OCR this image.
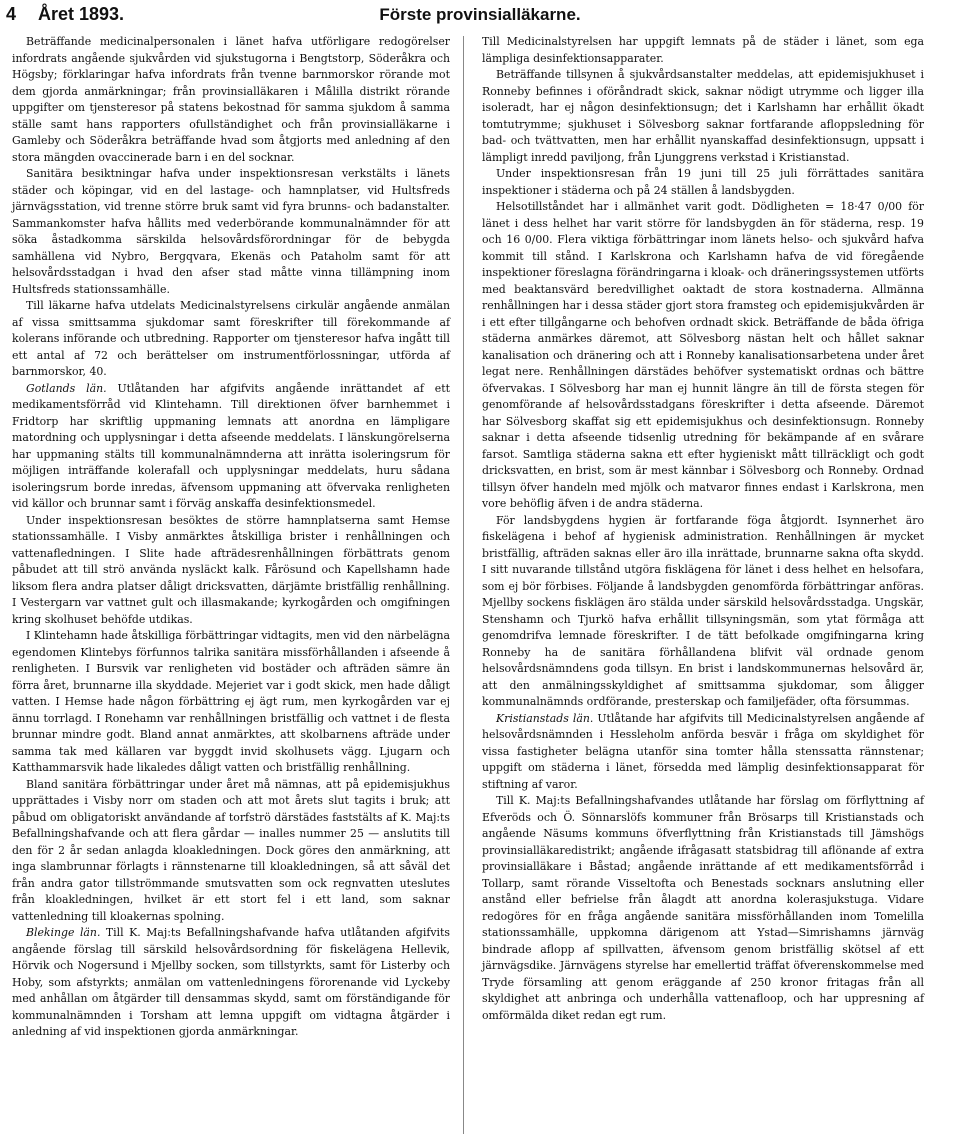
4 Året 1893.	Förste provinsialläkarne.

Beträffande medicinalpersonalen i länet hafva utförligare redogörelser infordrats angående sjukvården vid sjukstugorna i Bengtstorp, Söderåkra och Högsby; förklaringar hafva infordrats från tvenne barnmorskor rörande mot dem gjorda anmärkningar; från provinsialläkaren i Målilla distrikt rörande uppgifter om tjensteresor på statens bekostnad för samma sjukdom å samma ställe samt hans rapporters ofullständighet och från provinsialläkarne i Gamleby och Söderåkra beträffande hvad som åtgjorts med anledning af den stora mängden ovaccinerade barn i en del socknar.

Sanitära besiktningar hafva under inspektionsresan verkstälts i länets städer och köpingar, vid en del lastage- och hamnplatser, vid Hultsfreds järnvägsstation, vid trenne större bruk samt vid fyra brunns- och badanstalter. Sammankomster hafva hållits med vederbörande kommunalnämnder för att söka åstadkomma särskilda helsovårdsförordningar för de bebygda samhällena vid Nybro, Bergqvara, Ekenäs och Pataholm samt för att helsovårdsstadgan i hvad den afser stad måtte vinna tillämpning inom Hultsfreds stationssamhälle.

Till läkarne hafva utdelats Medicinalstyrelsens cirkulär angående anmälan af vissa smittsamma sjukdomar samt föreskrifter till förekommande af kolerans införande och utbredning. Rapporter om tjensteresor hafva ingått till ett antal af 72 och berättelser om instrumentförlossningar, utförda af barnmorskor, 40.

Gotlands län. Utlåtanden har afgifvits angående inrättandet af ett medikamentsförråd vid Klintehamn. Till direktionen öfver barnhemmet i Fridtorp har skriftlig uppmaning lemnats att anordna en lämpligare matordning och upplysningar i detta afseende meddelats. I länskungörelserna har uppmaning stälts till kommunalnämnderna att inrätta isoleringsrum för möjligen inträffande kolerafall och upplysningar meddelats, huru sådana isoleringsrum borde inredas, äfvensom uppmaning att öfvervaka renligheten vid källor och brunnar samt i förväg anskaffa desinfektionsmedel.

Under inspektionsresan besöktes de större hamnplatserna samt Hemse stationssamhälle. I Visby anmärktes åtskilliga brister i renhållningen och vattenafledningen. I Slite hade afträdesrenhållningen förbättrats genom påbudet att till strö använda nysläckt kalk. Fårösund och Kapellshamn hade liksom flera andra platser dåligt dricksvatten, därjämte bristfällig renhållning. I Vestergarn var vattnet gult och illasmakande; kyrkogården och omgifningen kring skolhuset behöfde utdikas.

I Klintehamn hade åtskilliga förbättringar vidtagits, men vid den närbelägna egendomen Klintebys förfunnos talrika sanitära missförhållanden i afseende å renligheten. I Bursvik var renligheten vid bostäder och afträden sämre än förra året, brunnarne illa skyddade. Mejeriet var i godt skick, men hade dåligt vatten. I Hemse hade någon förbättring ej ägt rum, men kyrkogården var ej ännu torrlagd. I Ronehamn var renhållningen bristfällig och vattnet i de flesta brunnar mindre godt. Bland annat anmärktes, att skolbarnens afträde under samma tak med källaren var byggdt invid skolhusets vägg. Ljugarn och Katthammarsvik hade likaledes dåligt vatten och bristfällig renhållning.

Bland sanitära förbättringar under året må nämnas, att på epidemisjukhus upprättades i Visby norr om staden och att mot årets slut tagits i bruk; att påbud om obligatoriskt användande af torfströ därstädes faststälts af K. Maj:ts Befallningshafvande och att flera gårdar — inalles nummer 25 — anslutits till den för 2 år sedan anlagda kloakledningen. Dock göres den anmärkning, att inga slambrunnar förlagts i rännstenarne till kloakledningen, så att såväl det från andra gator tillströmmande smutsvatten som ock regnvatten uteslutes från kloakledningen, hvilket är ett stort fel i ett land, som saknar vattenledning till kloakernas spolning.

Blekinge län. Till K. Maj:ts Befallningshafvande hafva utlåtanden afgifvits angående förslag till särskild helsovårdsordning för fiskelägena Hellevik, Hörvik och Nogersund i Mjellby socken, som tillstyrkts, samt för Listerby och Hoby, som afstyrkts; anmälan om vattenledningens förorenande vid Lyckeby med anhållan om åtgärder till densammas skydd, samt om förständigande för kommunalnämnden i Torsham att lemna uppgift om vidtagna åtgärder i anledning af vid inspektionen gjorda anmärkningar.

Till Medicinalstyrelsen har uppgift lemnats på de städer i länet, som ega lämpliga desinfektionsapparater.

Beträffande tillsynen å sjukvårdsanstalter meddelas, att epidemisjukhuset i Ronneby befinnes i oföråndradt skick, saknar nödigt utrymme och ligger illa isoleradt, har ej någon desinfektionsugn; det i Karlshamn har erhållit ökadt tomtutrymme; sjukhuset i Sölvesborg saknar fortfarande afloppsledning för bad- och tvättvatten, men har erhållit nyanskaffad desinfektionsugn, uppsatt i lämpligt inredd paviljong, från Ljunggrens verkstad i Kristianstad.

Under inspektionsresan från 19 juni till 25 juli förrättades sanitära inspektioner i städerna och på 24 ställen å landsbygden.

Helsotillståndet har i allmänhet varit godt. Dödligheten = 18·47 0/00 för länet i dess helhet har varit större för landsbygden än för städerna, resp. 19 och 16 0/00. Flera viktiga förbättringar inom länets helso- och sjukvård hafva kommit till stånd. I Karlskrona och Karlshamn hafva de vid föregående inspektioner föreslagna förändringarna i kloak- och dräneringssystemen utförts med beaktansvärd beredvillighet oaktadt de stora kostnaderna. Allmänna renhållningen har i dessa städer gjort stora framsteg och epidemisjukvården är i ett efter tillgångarne och behofven ordnadt skick. Beträffande de båda öfriga städerna anmärkes däremot, att Sölvesborg nästan helt och hållet saknar kanalisation och dränering och att i Ronneby kanalisationsarbetena under året legat nere. Renhållningen därstädes behöfver systematiskt ordnas och bättre öfvervakas. I Sölvesborg har man ej hunnit längre än till de första stegen för genomförande af helsovårdsstadgans föreskrifter i detta afseende. Däremot har Sölvesborg skaffat sig ett epidemisjukhus och desinfektionsugn. Ronneby saknar i detta afseende tidsenlig utredning för bekämpande af en svårare farsot. Samtliga städerna sakna ett efter hygieniskt mått tillräckligt och godt dricksvatten, en brist, som är mest kännbar i Sölvesborg och Ronneby. Ordnad tillsyn öfver handeln med mjölk och matvaror finnes endast i Karlskrona, men vore behöflig äfven i de andra städerna.

För landsbygdens hygien är fortfarande föga åtgjordt. Isynnerhet äro fiskelägena i behof af hygienisk administration. Renhållningen är mycket bristfällig, afträden saknas eller äro illa inrättade, brunnarne sakna ofta skydd. I sitt nuvarande tillstånd utgöra fisklägena för länet i dess helhet en helsofara, som ej bör förbises. Följande å landsbygden genomförda förbättringar anföras. Mjellby sockens fisklägen äro stälda under särskild helsovårdsstadga. Ungskär, Stenshamn och Tjurkö hafva erhållit tillsyningsmän, som ytat förmåga att genomdrifva lemnade föreskrifter. I de tätt befolkade omgifningarna kring Ronneby ha de sanitära förhållandena blifvit väl ordnade genom helsovårdsnämndens goda tillsyn. En brist i landskommunernas helsovård är, att den anmälningsskyldighet af smittsamma sjukdomar, som åligger kommunalnämnds ordförande, presterskap och familjefäder, ofta försummas.

Kristianstads län. Utlåtande har afgifvits till Medicinalstyrelsen angående af helsovårdsnämnden i Hessleholm anförda besvär i fråga om skyldighet för vissa fastigheter belägna utanför sina tomter hålla stenssatta rännstenar; uppgift om städerna i länet, försedda med lämplig desinfektionsapparat för stiftning af varor.

Till K. Maj:ts Befallningshafvandes utlåtande har förslag om förflyttning af Efveröds och Ö. Sönnarslöfs kommuner från Brösarps till Kristianstads och angående Näsums kommuns öfverflyttning från Kristianstads till Jämshögs provinsialläkaredistrikt; angående ifrågasatt statsbidrag till aflönande af extra provinsialläkare i Båstad; angående inrättande af ett medikamentsförråd i Tollarp, samt rörande Visseltofta och Benestads socknars anslutning eller anstånd eller befrielse från ålagdt att anordna kolerasjukstuga. Vidare redogöres för en fråga angående sanitära missförhållanden inom Tomelilla stationssamhälle, uppkomna därigenom att Ystad—Simrishamns järnväg bindrade aflopp af spillvatten, äfvensom genom bristfällig skötsel af ett järnvägsdike. Järnvägens styrelse har emellertid träffat öfverenskommelse med Tryde församling att genom eräggande af 250 kronor fritagas från all skyldighet att anbringa och underhålla vattenafloop, och har uppresning af omförmälda diket redan egt rum.
